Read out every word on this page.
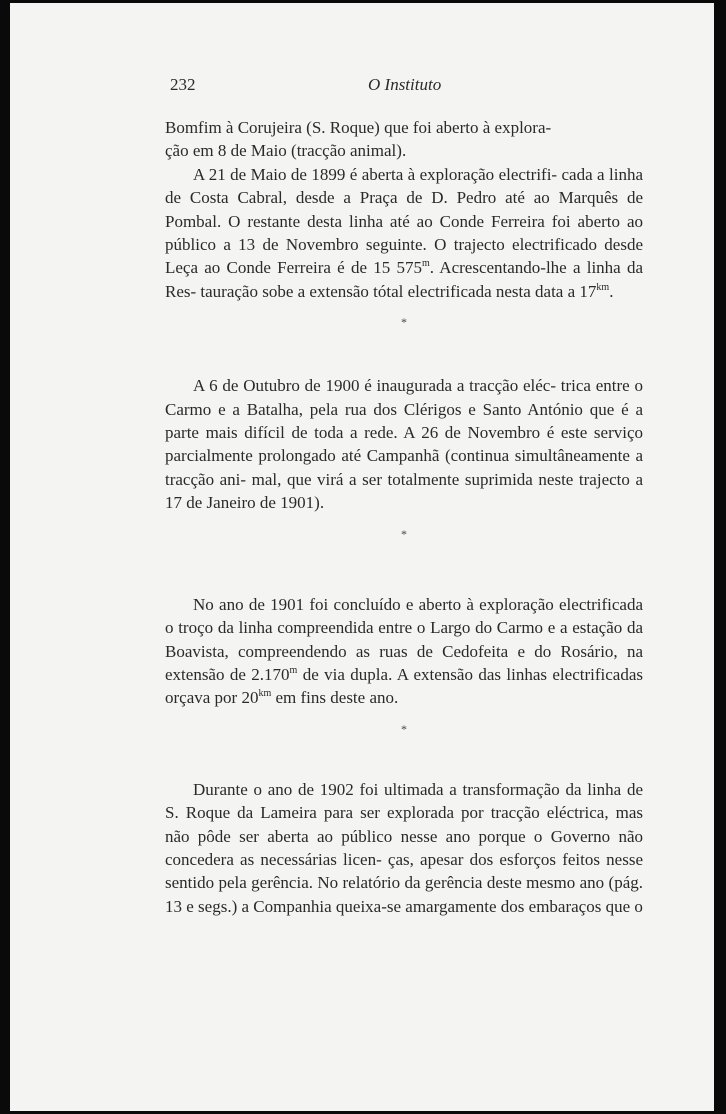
232	O Instituto

Bomfim à Corujeira (S. Roque) que foi aberto à explora-
ção em 8 de Maio (tracção animal).

A 21 de Maio de 1899 é aberta à exploração electrifi- cada a linha de Costa Cabral, desde a Praça de D. Pedro até ao Marquês de Pombal. O restante desta linha até ao Conde Ferreira foi aberto ao público a 13 de Novembro seguinte. O trajecto electrificado desde Leça ao Conde Ferreira é de 15 575$^m$. Acrescentando-lhe a linha da Res- tauração sobe a extensão tótal electrificada nesta data a $17^{km}$.

*

A 6 de Outubro de 1900 é inaugurada a tracção eléc- trica entre o Carmo e a Batalha, pela rua dos Clérigos e Santo António que é a parte mais difícil de toda a rede. A 26 de Novembro é este serviço parcialmente prolongado até Campanhã (continua simultâneamente a tracção ani- mal, que virá a ser totalmente suprimida neste trajecto a 17 de Janeiro de 1901).

*

No ano de 1901 foi concluído e aberto à exploração electrificada o troço da linha compreendida entre o Largo do Carmo e a estação da Boavista, compreendendo as ruas de Cedofeita e do Rosário, na extensão de 2.170$^m$ de via dupla. A extensão das linhas electrificadas orçava por $20^{km}$ em fins deste ano.

*

Durante o ano de 1902 foi ultimada a transformação da linha de S. Roque da Lameira para ser explorada por tracção eléctrica, mas não pôde ser aberta ao público nesse ano porque o Governo não concedera as necessárias licen- ças, apesar dos esforços feitos nesse sentido pela gerência. No relatório da gerência deste mesmo ano (pág. 13 e segs.) a Companhia queixa-se amargamente dos embaraços que o
